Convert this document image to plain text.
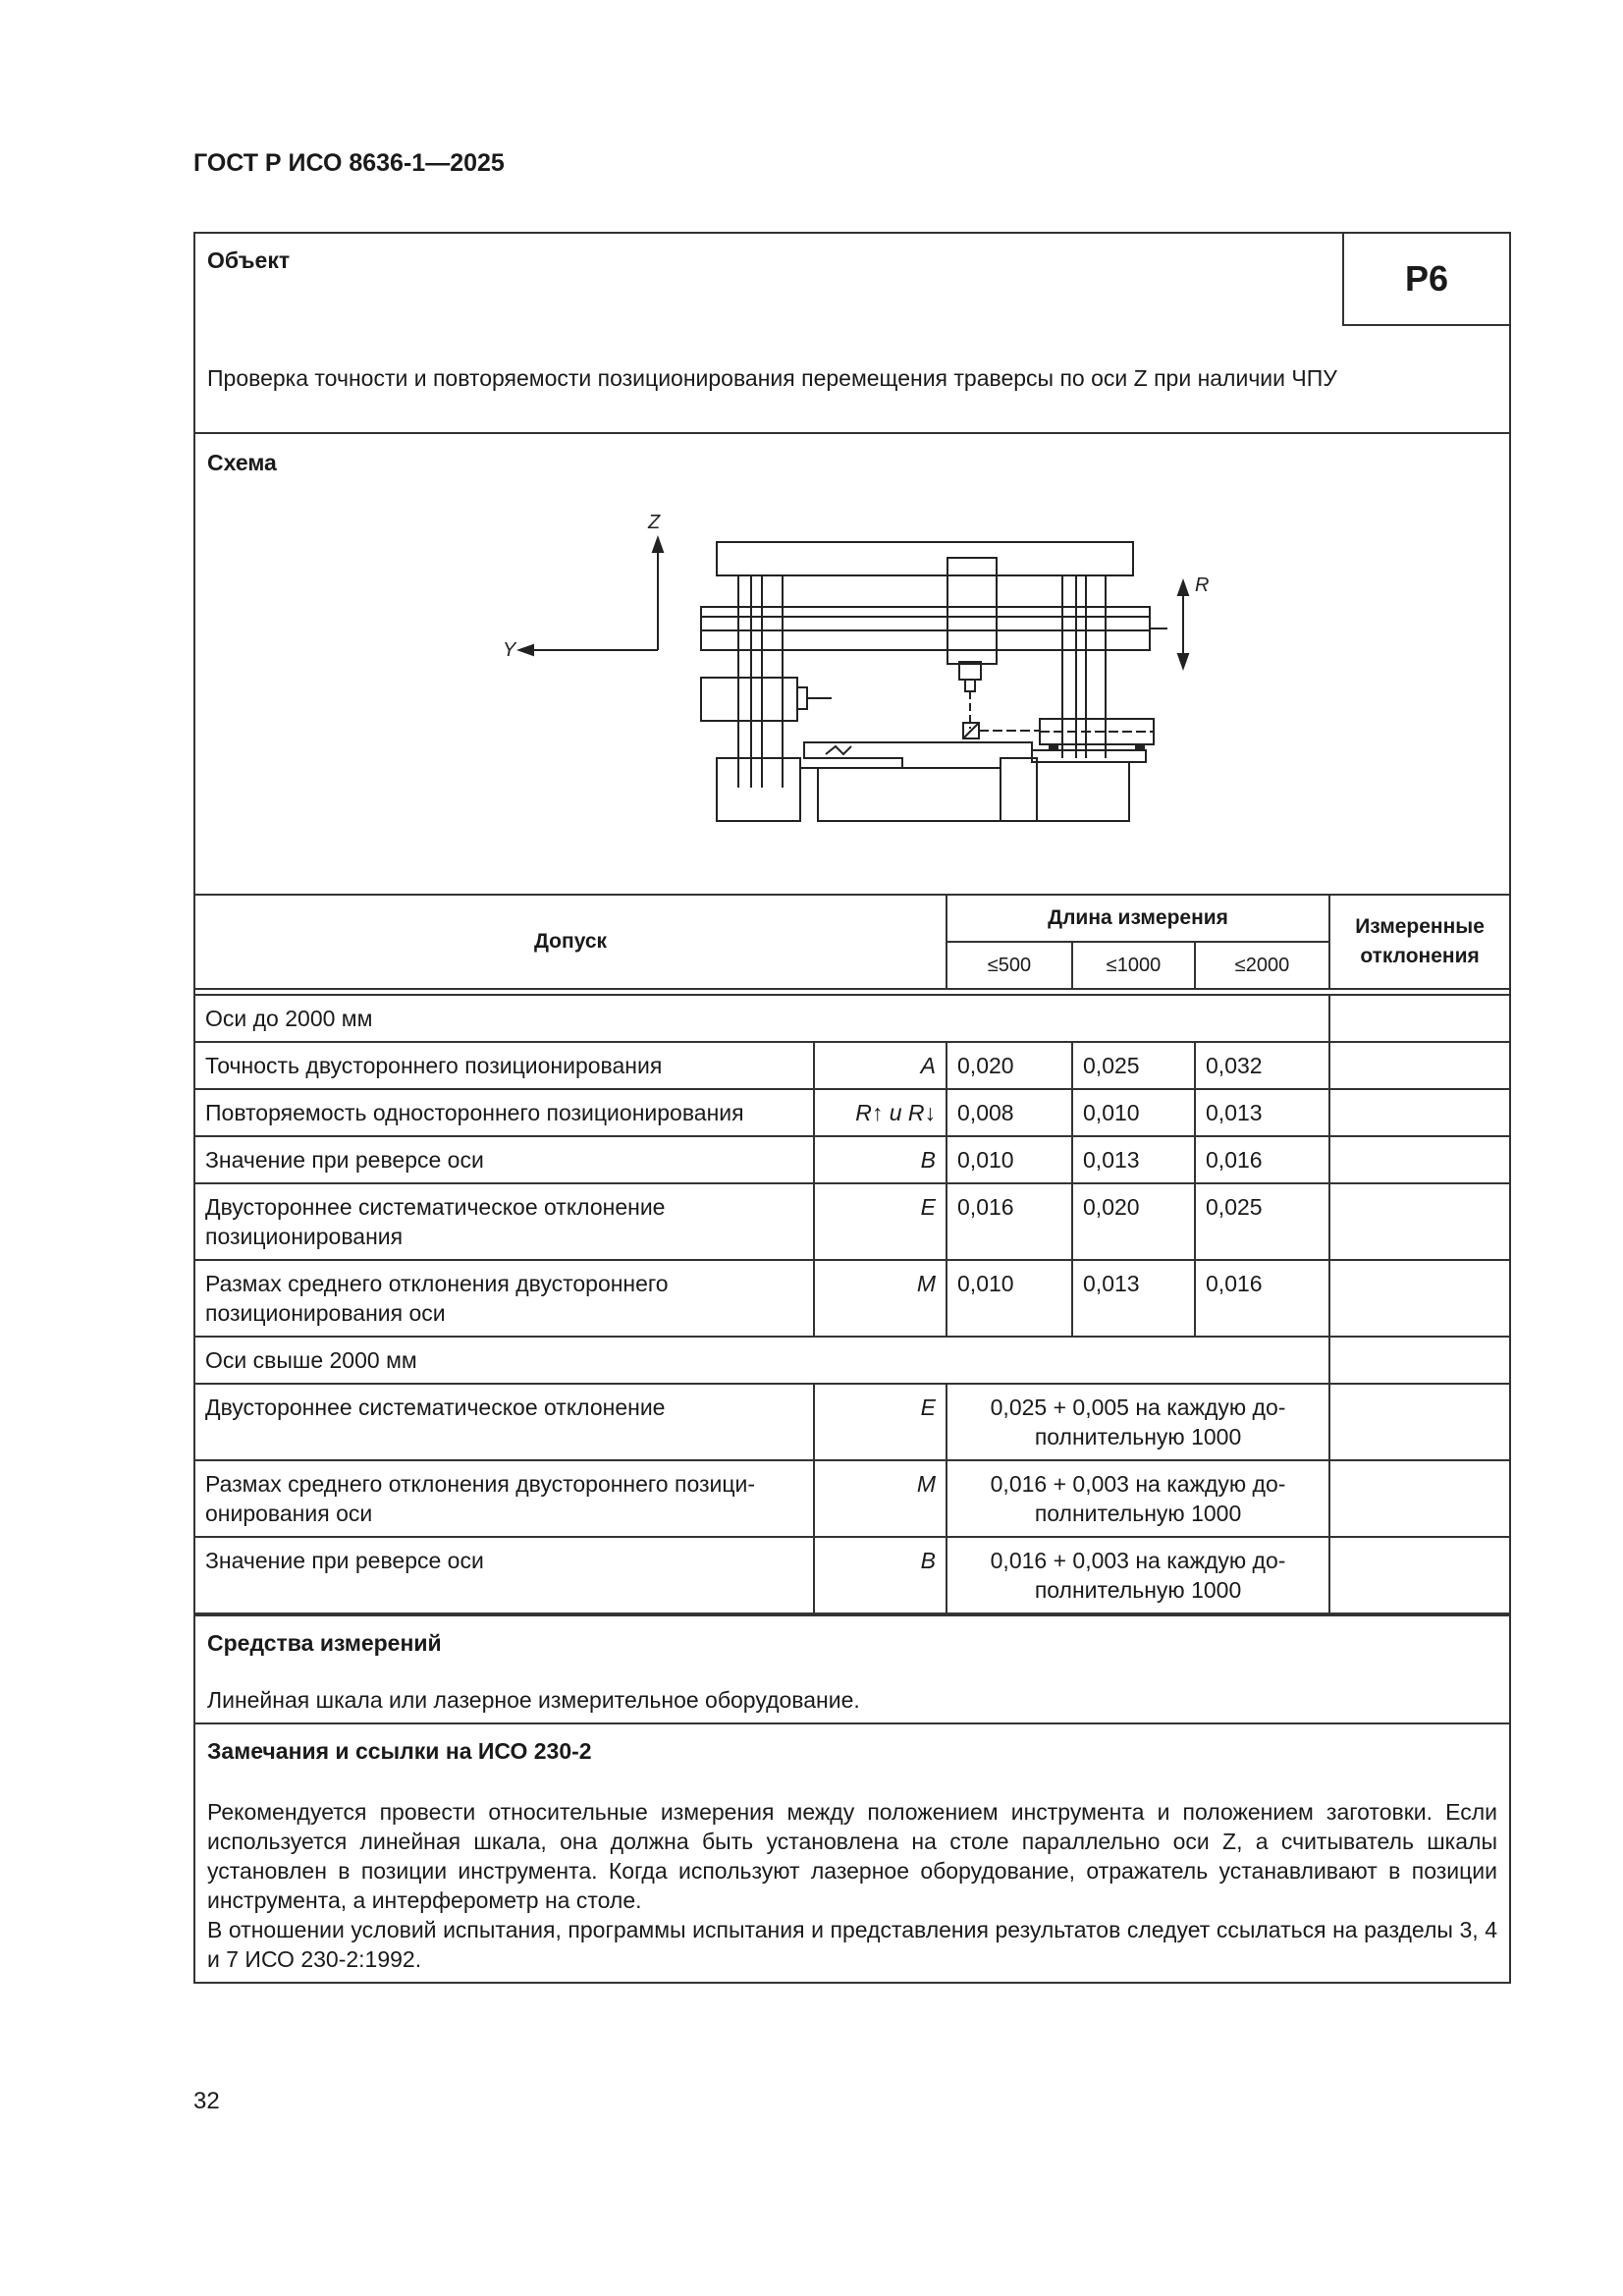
ГОСТ Р ИСО 8636-1—2025
Объект	P6
Проверка точности и повторяемости позиционирования перемещения траверсы по оси Z при наличии ЧПУ
Схема
Z
Y
R
Допуск		Длина измерения			Измеренные отклонения
		≤500	≤1000	≤2000	

Оси до 2000 мм					
Точность двустороннего позиционирования	A	0,020	0,025	0,032	
Повторяемость одностороннего позиционирования	R↑ и R↓	0,008	0,010	0,013	
Значение при реверсе оси	B	0,010	0,013	0,016	
Двустороннее систематическое отклонение позиционирования	E	0,016	0,020	0,025	
Размах среднего отклонения двустороннего позиционирования оси	M	0,010	0,013	0,016	
Оси свыше 2000 мм					
Двустороннее систематическое отклонение	E	0,025 + 0,005 на каждую до-полнительную 1000			
Размах среднего отклонения двустороннего позици-онирования оси	M	0,016 + 0,003 на каждую до-полнительную 1000			
Значение при реверсе оси	B	0,016 + 0,003 на каждую до-полнительную 1000			
Средства измерений
Линейная шкала или лазерное измерительное оборудование.
Замечания и ссылки на ИСО 230-2

Рекомендуется провести относительные измерения между положением инструмента и положением заготовки. Если используется линейная шкала, она должна быть установлена на столе параллельно оси Z, а считыватель шкалы установлен в позиции инструмента. Когда используют лазерное оборудование, отражатель устанавливают в позиции инструмента, а интерферометр на столе.

В отношении условий испытания, программы испытания и представления результатов следует ссылаться на разделы 3, 4 и 7 ИСО 230-2:1992.

32
